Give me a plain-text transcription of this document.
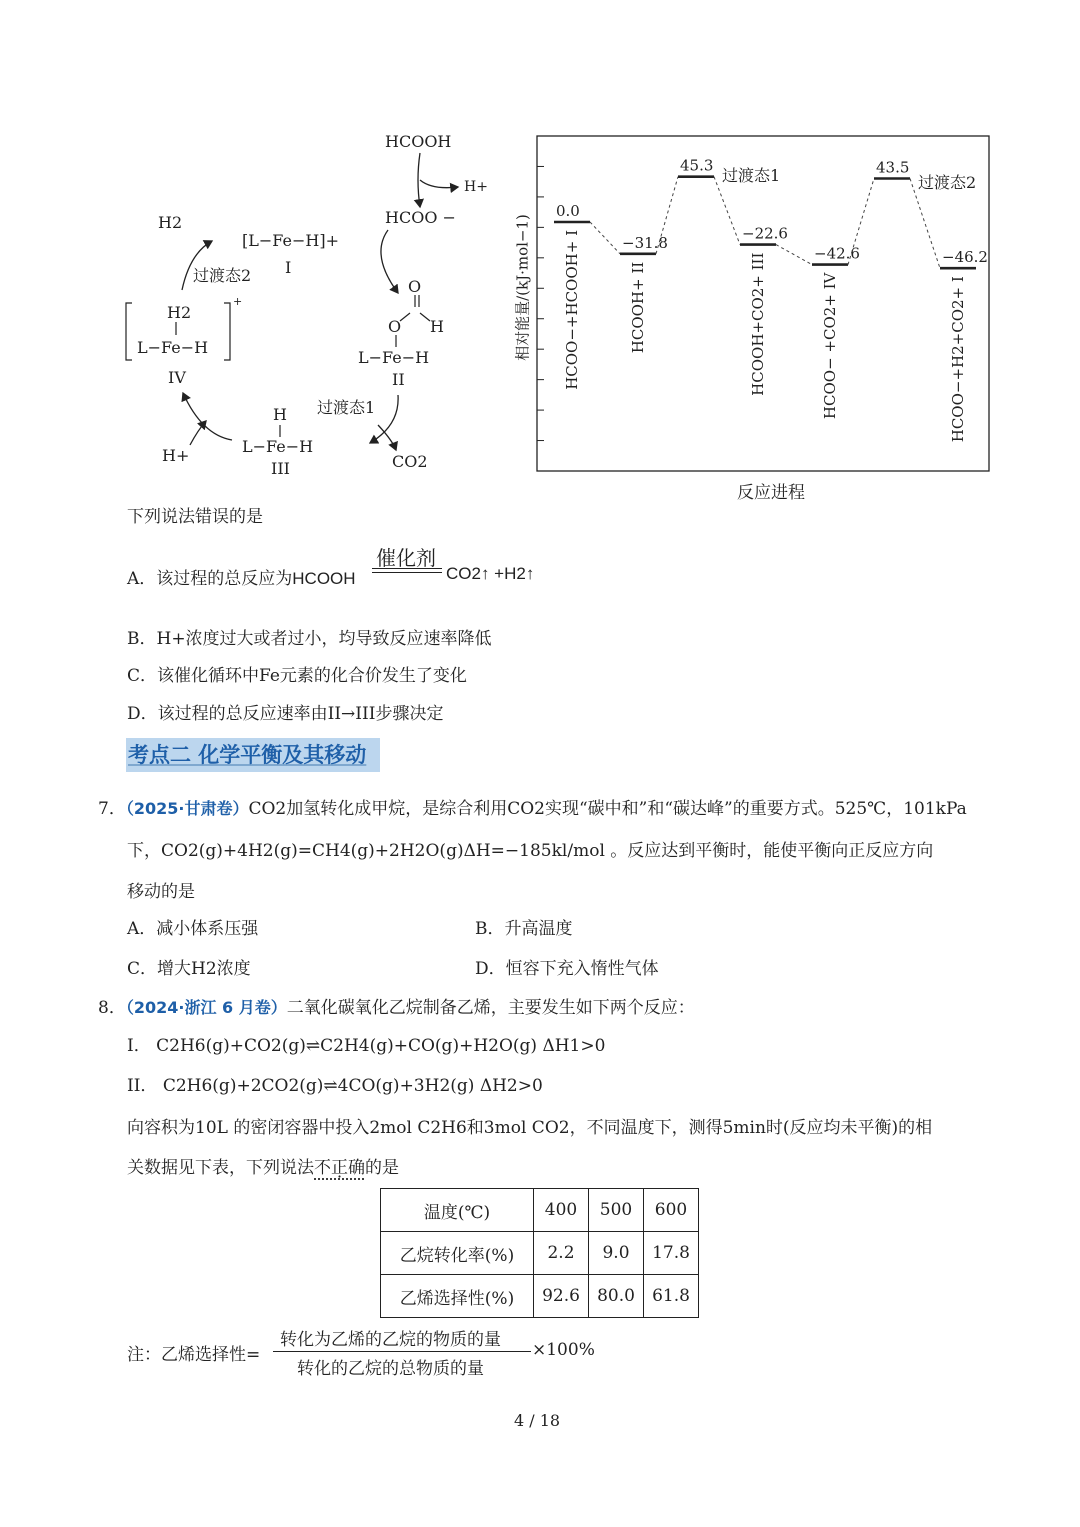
HCOOH
H+
HCOO −
H2
[L−Fe−H]+
I
过渡态2
H2
L−Fe−H
IV
H+
H
L−Fe−H
III
过渡态1
CO2
O
O H
L−Fe−H
II
+
0.0
−31.8
45.3
−22.6
−42.6
43.5
−46.2
过渡态1	过渡态2
HCOO−+HCOOH+ I	HCOOH+ II	HCOOH+CO2+ III	HCOO− +CO2+ IV	HCOO−+H2+CO2+ I
相对能量/(kJ·mol−1)
反应进程
下列说法错误的是
A．该过程的总反应为HCOOH
催化剂
CO2↑ +H2↑
B．H+浓度过大或者过小，均导致反应速率降低
C．该催化循环中Fe元素的化合价发生了变化
D．该过程的总反应速率由II→III步骤决定
考点二 化学平衡及其移动
7．（2025·甘肃卷）CO2加氢转化成甲烷，是综合利用CO2实现“碳中和”和“碳达峰”的重要方式。525℃，101kPa
下，CO2(g)+4H2(g)=CH4(g)+2H2O(g)ΔH=−185kl/mol 。反应达到平衡时，能使平衡向正反应方向
移动的是
A．减小体系压强	B．升高温度
C．增大H2浓度	D．恒容下充入惰性气体
8．（2024·浙江 6 月卷）二氧化碳氧化乙烷制备乙烯，主要发生如下两个反应：
I． C2H6(g)+CO2(g)⇌C2H4(g)+CO(g)+H2O(g) ΔH1>0
II． C2H6(g)+2CO2(g)⇌4CO(g)+3H2(g) ΔH2>0
向容积为10L 的密闭容器中投入2mol C2H6和3mol CO2，不同温度下，测得5min时(反应均未平衡)的相
关数据见下表，下列说法不正确的是
温度(℃)	400	500	600
乙烷转化率(%)	2.2	9.0	17.8
乙烯选择性(%)	92.6	80.0	61.8
注：乙烯选择性=
转化为乙烯的乙烷的物质的量
转化的乙烷的总物质的量
×100%
4 / 18
